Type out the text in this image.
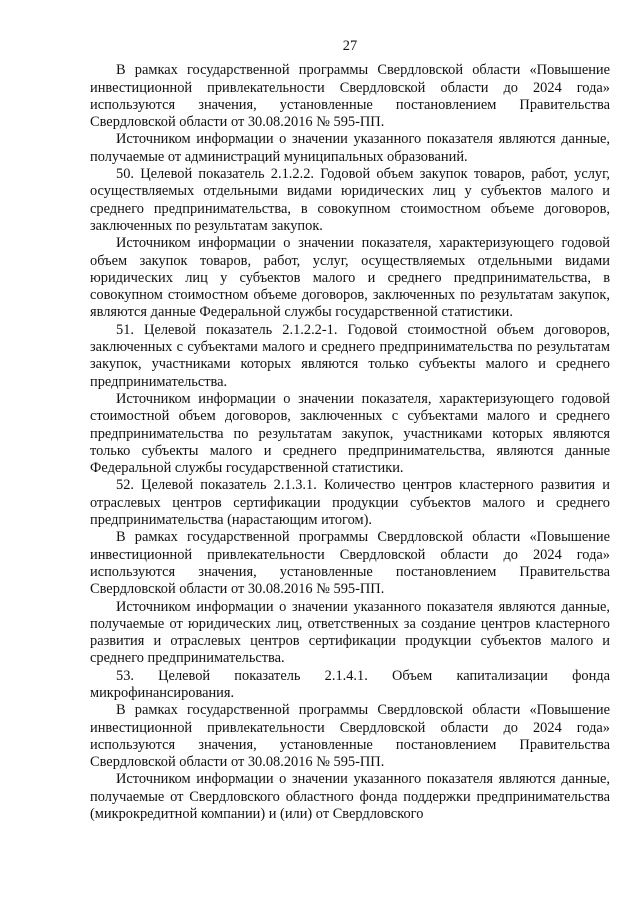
27

В рамках государственной программы Свердловской области «Повышение инвестиционной привлекательности Свердловской области до 2024 года» используются значения, установленные постановлением Правительства Свердловской области от 30.08.2016 № 595-ПП.

Источником информации о значении указанного показателя являются данные, получаемые от администраций муниципальных образований.

50. Целевой показатель 2.1.2.2. Годовой объем закупок товаров, работ, услуг, осуществляемых отдельными видами юридических лиц у субъектов малого и среднего предпринимательства, в совокупном стоимостном объеме договоров, заключенных по результатам закупок.

Источником информации о значении показателя, характеризующего годовой объем закупок товаров, работ, услуг, осуществляемых отдельными видами юридических лиц у субъектов малого и среднего предпринимательства, в совокупном стоимостном объеме договоров, заключенных по результатам закупок, являются данные Федеральной службы государственной статистики.

51. Целевой показатель 2.1.2.2-1. Годовой стоимостной объем договоров, заключенных с субъектами малого и среднего предпринимательства по результатам закупок, участниками которых являются только субъекты малого и среднего предпринимательства.

Источником информации о значении показателя, характеризующего годовой стоимостной объем договоров, заключенных с субъектами малого и среднего предпринимательства по результатам закупок, участниками которых являются только субъекты малого и среднего предпринимательства, являются данные Федеральной службы государственной статистики.

52. Целевой показатель 2.1.3.1. Количество центров кластерного развития и отраслевых центров сертификации продукции субъектов малого и среднего предпринимательства (нарастающим итогом).

В рамках государственной программы Свердловской области «Повышение инвестиционной привлекательности Свердловской области до 2024 года» используются значения, установленные постановлением Правительства Свердловской области от 30.08.2016 № 595-ПП.

Источником информации о значении указанного показателя являются данные, получаемые от юридических лиц, ответственных за создание центров кластерного развития и отраслевых центров сертификации продукции субъектов малого и среднего предпринимательства.

53. Целевой показатель 2.1.4.1. Объем капитализации фонда микрофинансирования.

В рамках государственной программы Свердловской области «Повышение инвестиционной привлекательности Свердловской области до 2024 года» используются значения, установленные постановлением Правительства Свердловской области от 30.08.2016 № 595-ПП.

Источником информации о значении указанного показателя являются данные, получаемые от Свердловского областного фонда поддержки предпринимательства (микрокредитной компании) и (или) от Свердловского
